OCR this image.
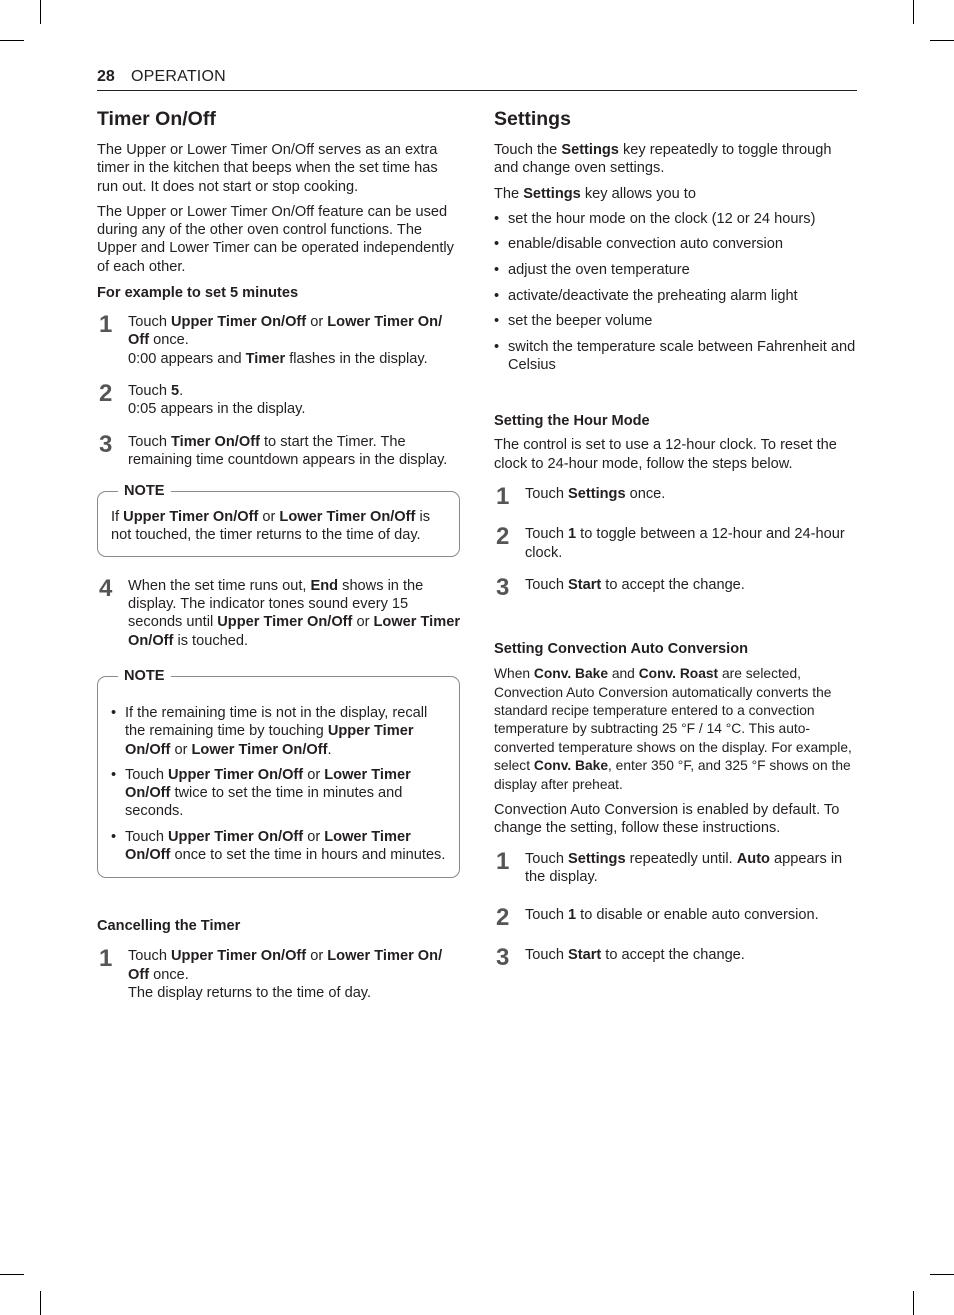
28 OPERATION
Timer On/Off

The Upper or Lower Timer On/Off serves as an extra timer in the kitchen that beeps when the set time has run out. It does not start or stop cooking.

The Upper or Lower Timer On/Off feature can be used during any of the other oven control functions. The Upper and Lower Timer can be operated independently of each other.

For example to set 5 minutes
1 Touch Upper Timer On/Off or Lower Timer On/ Off once.
0:00 appears and Timer flashes in the display.
2 Touch 5.
0:05 appears in the display.
3 Touch Timer On/Off to start the Timer. The remaining time countdown appears in the display.
NOTE
If Upper Timer On/Off or Lower Timer On/Off is not touched, the timer returns to the time of day.
4 When the set time runs out, End shows in the display. The indicator tones sound every 15 seconds until Upper Timer On/Off or Lower Timer On/Off is touched.
NOTE
• If the remaining time is not in the display, recall the remaining time by touching Upper Timer On/Off or Lower Timer On/Off.
• Touch Upper Timer On/Off or Lower Timer On/Off twice to set the time in minutes and seconds.
• Touch Upper Timer On/Off or Lower Timer On/Off once to set the time in hours and minutes.
Cancelling the Timer
1 Touch Upper Timer On/Off or Lower Timer On/ Off once.
The display returns to the time of day.
Settings

Touch the Settings key repeatedly to toggle through and change oven settings.

The Settings key allows you to

• set the hour mode on the clock (12 or 24 hours)
• enable/disable convection auto conversion
• adjust the oven temperature
• activate/deactivate the preheating alarm light
• set the beeper volume
• switch the temperature scale between Fahrenheit and Celsius
Setting the Hour Mode

The control is set to use a 12-hour clock. To reset the clock to 24-hour mode, follow the steps below.

1 Touch Settings once.
2 Touch 1 to toggle between a 12-hour and 24-hour clock.
3 Touch Start to accept the change.
Setting Convection Auto Conversion

When Conv. Bake and Conv. Roast are selected, Convection Auto Conversion automatically converts the standard recipe temperature entered to a convection temperature by subtracting 25 °F / 14 °C. This auto-converted temperature shows on the display. For example, select Conv. Bake, enter 350 °F, and 325 °F shows on the display after preheat.

Convection Auto Conversion is enabled by default. To change the setting, follow these instructions.

1 Touch Settings repeatedly until. Auto appears in the display.
2 Touch 1 to disable or enable auto conversion.
3 Touch Start to accept the change.
